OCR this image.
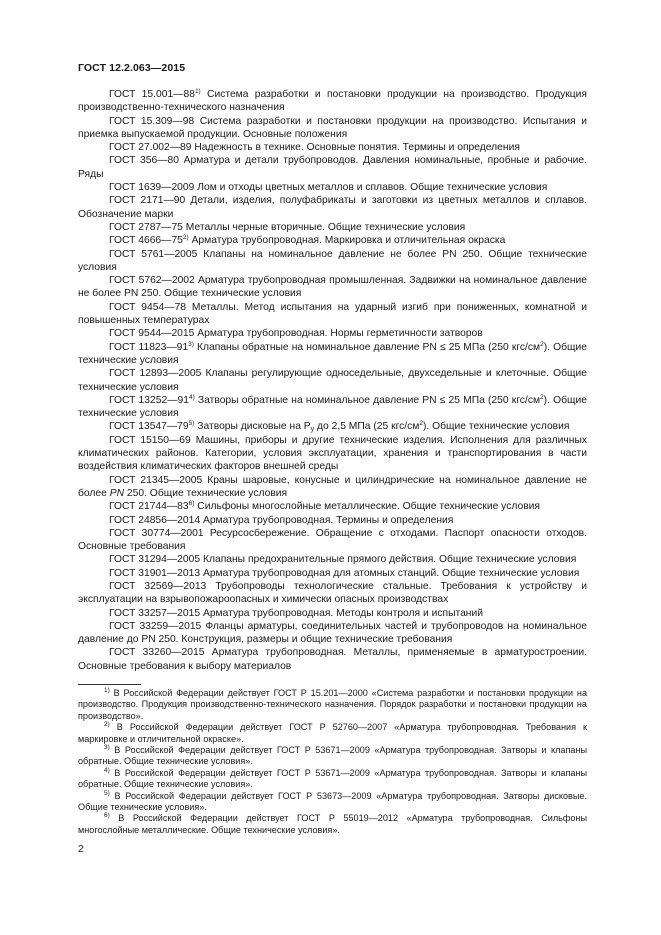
ГОСТ 12.2.063—2015

ГОСТ 15.001—88$^{1)}$ Система разработки и постановки продукции на производство. Продукция производственно-технического назначения

ГОСТ 15.309—98 Система разработки и постановки продукции на производство. Испытания и приемка выпускаемой продукции. Основные положения

ГОСТ 27.002—89 Надежность в технике. Основные понятия. Термины и определения

ГОСТ 356—80 Арматура и детали трубопроводов. Давления номинальные, пробные и рабочие. Ряды

ГОСТ 1639—2009 Лом и отходы цветных металлов и сплавов. Общие технические условия

ГОСТ 2171—90 Детали, изделия, полуфабрикаты и заготовки из цветных металлов и сплавов. Обозначение марки

ГОСТ 2787—75 Металлы черные вторичные. Общие технические условия

ГОСТ 4666—75$^{2)}$ Арматура трубопроводная. Маркировка и отличительная окраска

ГОСТ 5761—2005 Клапаны на номинальное давление не более PN 250. Общие технические условия

ГОСТ 5762—2002 Арматура трубопроводная промышленная. Задвижки на номинальное давление не более PN 250. Общие технические условия

ГОСТ 9454—78 Металлы. Метод испытания на ударный изгиб при пониженных, комнатной и повышенных температурах

ГОСТ 9544—2015 Арматура трубопроводная. Нормы герметичности затворов

ГОСТ 11823—91$^{3)}$ Клапаны обратные на номинальное давление PN ≤ 25 МПа (250 кгс/$см^2$). Общие технические условия

ГОСТ 12893—2005 Клапаны регулирующие односедельные, двухседельные и клеточные. Общие технические условия

ГОСТ 13252—91$^{4)}$ Затворы обратные на номинальное давление PN ≤ 25 МПа (250 кгс/$см^2$). Общие технические условия

ГОСТ 13547—79$^{5)}$ Затворы дисковые на $P_у$ до 2,5 МПа (25 кгс/$см^2$). Общие технические условия

ГОСТ 15150—69 Машины, приборы и другие технические изделия. Исполнения для различных климатических районов. Категории, условия эксплуатации, хранения и транспортирования в части воздействия климатических факторов внешней среды

ГОСТ 21345—2005 Краны шаровые, конусные и цилиндрические на номинальное давление не более PN 250. Общие технические условия

ГОСТ 21744—83$^{6)}$ Сильфоны многослойные металлические. Общие технические условия

ГОСТ 24856—2014 Арматура трубопроводная. Термины и определения

ГОСТ 30774—2001 Ресурсосбережение. Обращение с отходами. Паспорт опасности отходов. Основные требования

ГОСТ 31294—2005 Клапаны предохранительные прямого действия. Общие технические условия

ГОСТ 31901—2013 Арматура трубопроводная для атомных станций. Общие технические условия

ГОСТ 32569—2013 Трубопроводы технологические стальные. Требования к устройству и эксплуатации на взрывопожароопасных и химически опасных производствах

ГОСТ 33257—2015 Арматура трубопроводная. Методы контроля и испытаний

ГОСТ 33259—2015 Фланцы арматуры, соединительных частей и трубопроводов на номинальное давление до PN 250. Конструкция, размеры и общие технические требования

ГОСТ 33260—2015 Арматура трубопроводная. Металлы, применяемые в арматуростроении. Основные требования к выбору материалов

$^{1)}$ В Российской Федерации действует ГОСТ Р 15.201—2000 «Система разработки и постановки продукции на производство. Продукция производственно-технического назначения. Порядок разработки и постановки продукции на производство».

$^{2)}$ В Российской Федерации действует ГОСТ Р 52760—2007 «Арматура трубопроводная. Требования к маркировке и отличительной окраске».

$^{3)}$ В Российской Федерации действует ГОСТ Р 53671—2009 «Арматура трубопроводная. Затворы и клапаны обратные. Общие технические условия».

$^{4)}$ В Российской Федерации действует ГОСТ Р 53671—2009 «Арматура трубопроводная. Затворы и клапаны обратные. Общие технические условия».

$^{5)}$ В Российской Федерации действует ГОСТ Р 53673—2009 «Арматура трубопроводная. Затворы дисковые. Общие технические условия».

$^{6)}$ В Российской Федерации действует ГОСТ Р 55019—2012 «Арматура трубопроводная. Сильфоны многослойные металлические. Общие технические условия».

2
